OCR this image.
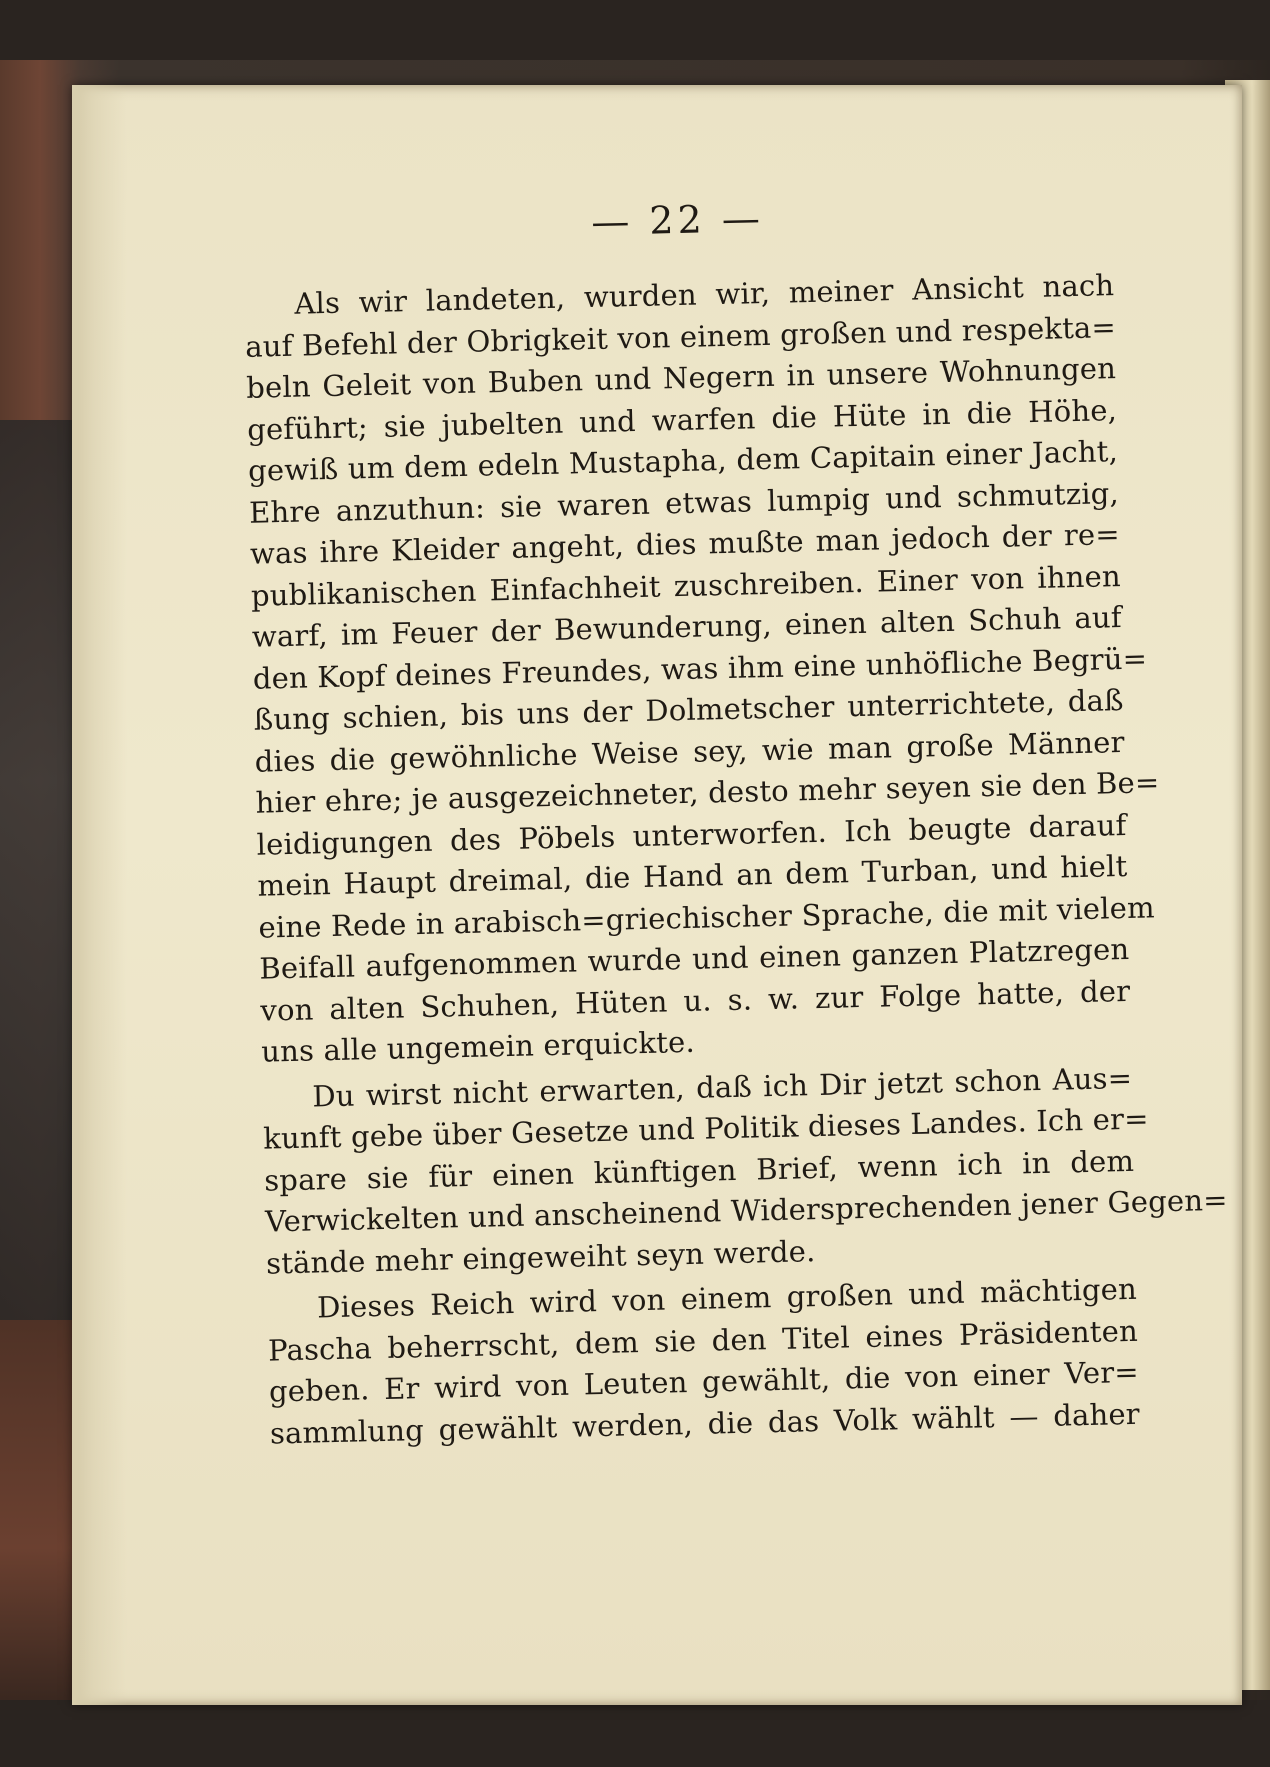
— 22 —
Als wir landeten, wurden wir, meiner Ansicht nach
auf Befehl der Obrigkeit von einem großen und respekta=
beln Geleit von Buben und Negern in unsere Wohnungen
geführt; sie jubelten und warfen die Hüte in die Höhe,
gewiß um dem edeln Mustapha, dem Capitain einer Jacht,
Ehre anzuthun: sie waren etwas lumpig und schmutzig,
was ihre Kleider angeht, dies mußte man jedoch der re=
publikanischen Einfachheit zuschreiben. Einer von ihnen
warf, im Feuer der Bewunderung, einen alten Schuh auf
den Kopf deines Freundes, was ihm eine unhöfliche Begrü=
ßung schien, bis uns der Dolmetscher unterrichtete, daß
dies die gewöhnliche Weise sey, wie man große Männer
hier ehre; je ausgezeichneter, desto mehr seyen sie den Be=
leidigungen des Pöbels unterworfen. Ich beugte darauf
mein Haupt dreimal, die Hand an dem Turban, und hielt
eine Rede in arabisch=griechischer Sprache, die mit vielem
Beifall aufgenommen wurde und einen ganzen Platzregen
von alten Schuhen, Hüten u. s. w. zur Folge hatte, der
uns alle ungemein erquickte.
Du wirst nicht erwarten, daß ich Dir jetzt schon Aus=
kunft gebe über Gesetze und Politik dieses Landes. Ich er=
spare sie für einen künftigen Brief, wenn ich in dem
Verwickelten und anscheinend Widersprechenden jener Gegen=
stände mehr eingeweiht seyn werde.
Dieses Reich wird von einem großen und mächtigen
Pascha beherrscht, dem sie den Titel eines Präsidenten
geben. Er wird von Leuten gewählt, die von einer Ver=
sammlung gewählt werden, die das Volk wählt — daher
